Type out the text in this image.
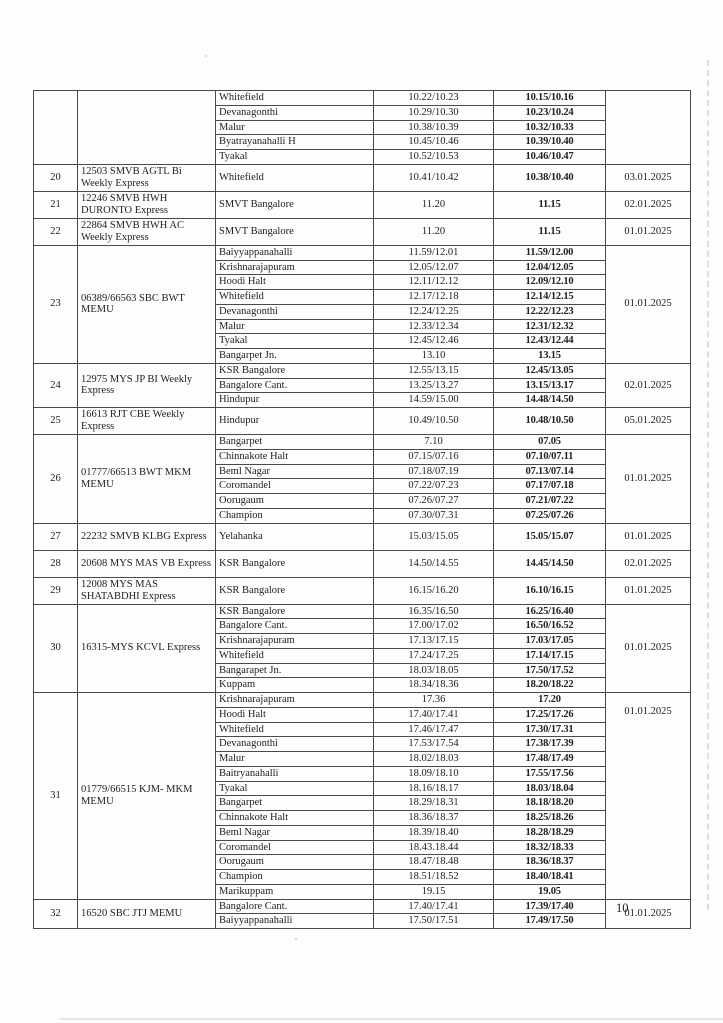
		Whitefield	10.22/10.23	10.15/10.16	
		Devanagonthi	10.29/10.30	10.23/10.24	
		Malur	10.38/10.39	10.32/10.33	
		Byatrayanahalli H	10.45/10.46	10.39/10.40	
		Tyakal	10.52/10.53	10.46/10.47	
20	12503 SMVB AGTL Bi Weekly Express	Whitefield	10.41/10.42	10.38/10.40	03.01.2025
21	12246 SMVB HWH DURONTO Express	SMVT Bangalore	11.20	11.15	02.01.2025
22	22864 SMVB HWH AC Weekly Express	SMVT Bangalore	11.20	11.15	01.01.2025
23	06389/66563 SBC BWT MEMU	Baiyyappanahalli	11.59/12.01	11.59/12.00	01.01.2025
		Krishnarajapuram	12.05/12.07	12.04/12.05	
		Hoodi Halt	12.11/12.12	12.09/12.10	
		Whitefield	12.17/12.18	12.14/12.15	
		Devanagonthi	12.24/12.25	12.22/12.23	
		Malur	12.33/12.34	12.31/12.32	
		Tyakal	12.45/12.46	12.43/12.44	
		Bangarpet Jn.	13.10	13.15	
24	12975 MYS JP BI Weekly Express	KSR Bangalore	12.55/13.15	12.45/13.05	02.01.2025
		Bangalore Cant.	13.25/13.27	13.15/13.17	
		Hindupur	14.59/15.00	14.48/14.50	
25	16613 RJT CBE Weekly Express	Hindupur	10.49/10.50	10.48/10.50	05.01.2025
26	01777/66513 BWT MKM MEMU	Bangarpet	7.10	07.05	01.01.2025
		Chinnakote Halt	07.15/07.16	07.10/07.11	
		Beml Nagar	07.18/07.19	07.13/07.14	
		Coromandel	07.22/07.23	07.17/07.18	
		Oorugaum	07.26/07.27	07.21/07.22	
		Champion	07.30/07.31	07.25/07.26	
27	22232 SMVB KLBG Express	Yelahanka	15.03/15.05	15.05/15.07	01.01.2025
28	20608 MYS MAS VB Express	KSR Bangalore	14.50/14.55	14.45/14.50	02.01.2025
29	12008 MYS MAS SHATABDHI Express	KSR Bangalore	16.15/16.20	16.10/16.15	01.01.2025
30	16315-MYS KCVL Express	KSR Bangalore	16.35/16.50	16.25/16.40	01.01.2025
		Bangalore Cant.	17.00/17.02	16.50/16.52	
		Krishnarajapuram	17.13/17.15	17.03/17.05	
		Whitefield	17.24/17.25	17.14/17.15	
		Bangarapet Jn.	18.03/18.05	17.50/17.52	
		Kuppam	18.34/18.36	18.20/18.22	
31	01779/66515 KJM- MKM MEMU	Krishnarajapuram	17.36	17.20	01.01.2025
		Hoodi Halt	17.40/17.41	17.25/17.26	
		Whitefield	17.46/17.47	17.30/17.31	
		Devanagonthi	17.53/17.54	17.38/17.39	
		Malur	18.02/18.03	17.48/17.49	
		Baitryanahalli	18.09/18.10	17.55/17.56	
		Tyakal	18.16/18.17	18.03/18.04	
		Bangarpet	18.29/18.31	18.18/18.20	
		Chinnakote Halt	18.36/18.37	18.25/18.26	
		Beml Nagar	18.39/18.40	18.28/18.29	
		Coromandel	18.43.18.44	18.32/18.33	
		Oorugaum	18.47/18.48	18.36/18.37	
		Champion	18.51/18.52	18.40/18.41	
		Marikuppam	19.15	19.05	
32	16520 SBC JTJ MEMU	Bangalore Cant.	17.40/17.41	17.39/17.40	01.01.2025
		Baiyyappanahalli	17.50/17.51	17.49/17.50	
10
